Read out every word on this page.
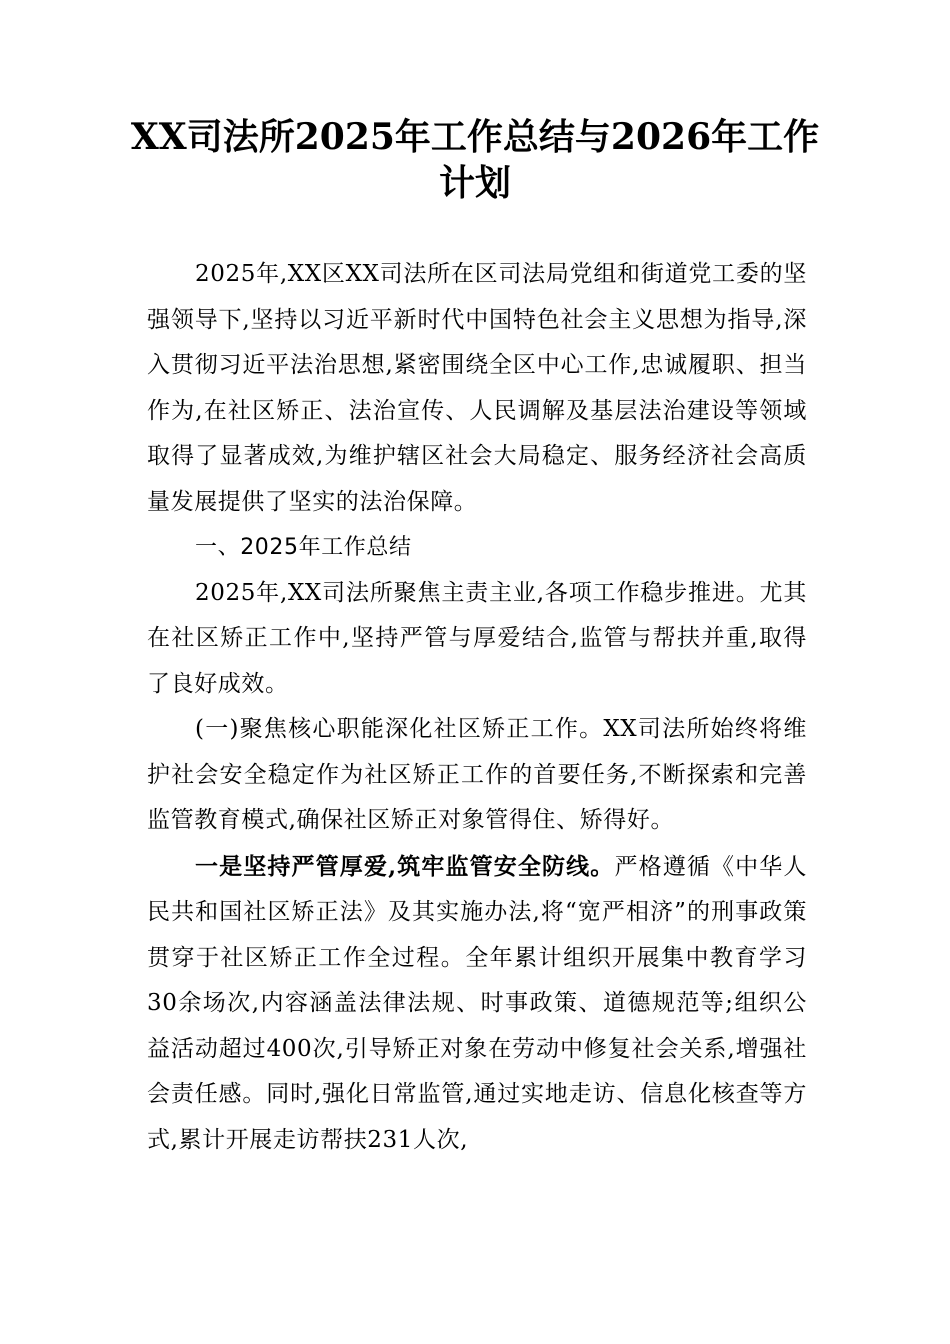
XX司法所2025年工作总结与2026年工作计划

2025年,XX区XX司法所在区司法局党组和街道党工委的坚强领导下,坚持以习近平新时代中国特色社会主义思想为指导,深入贯彻习近平法治思想,紧密围绕全区中心工作,忠诚履职、担当作为,在社区矫正、法治宣传、人民调解及基层法治建设等领域取得了显著成效,为维护辖区社会大局稳定、服务经济社会高质量发展提供了坚实的法治保障。

一、2025年工作总结

2025年,XX司法所聚焦主责主业,各项工作稳步推进。尤其在社区矫正工作中,坚持严管与厚爱结合,监管与帮扶并重,取得了良好成效。

(一)聚焦核心职能深化社区矫正工作。XX司法所始终将维护社会安全稳定作为社区矫正工作的首要任务,不断探索和完善监管教育模式,确保社区矫正对象管得住、矫得好。

一是坚持严管厚爱,筑牢监管安全防线。严格遵循《中华人民共和国社区矫正法》及其实施办法,将“宽严相济”的刑事政策贯穿于社区矫正工作全过程。全年累计组织开展集中教育学习30余场次,内容涵盖法律法规、时事政策、道德规范等;组织公益活动超过400次,引导矫正对象在劳动中修复社会关系,增强社会责任感。同时,强化日常监管,通过实地走访、信息化核查等方式,累计开展走访帮扶231人次,
